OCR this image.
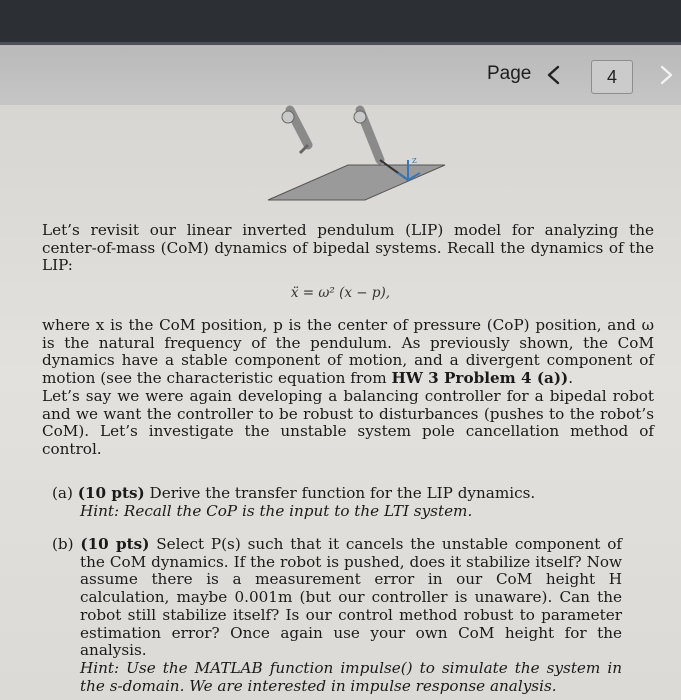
Page	4
z

Let’s revisit our linear inverted pendulum (LIP) model for analyzing the center-of-mass (CoM) dynamics of bipedal systems. Recall the dynamics of the LIP:

ẍ = ω² (x − p),

where x is the CoM position, p is the center of pressure (CoP) position, and ω is the natural frequency of the pendulum. As previously shown, the CoM dynamics have a stable component of motion, and a divergent component of motion (see the characteristic equation from HW 3 Problem 4 (a)).
Let’s say we were again developing a balancing controller for a bipedal robot and we want the controller to be robust to disturbances (pushes to the robot’s CoM). Let’s investigate the unstable system pole cancellation method of control.

(a) (10 pts) Derive the transfer function for the LIP dynamics.
Hint: Recall the CoP is the input to the LTI system.
(b) (10 pts) Select P(s) such that it cancels the unstable component of the CoM dynamics. If the robot is pushed, does it stabilize itself? Now assume there is a measurement error in our CoM height H calculation, maybe 0.001m (but our controller is unaware). Can the robot still stabilize itself? Is our control method robust to parameter estimation error? Once again use your own CoM height for the analysis.
Hint: Use the MATLAB function impulse() to simulate the system in the s-domain. We are interested in impulse response analysis.
